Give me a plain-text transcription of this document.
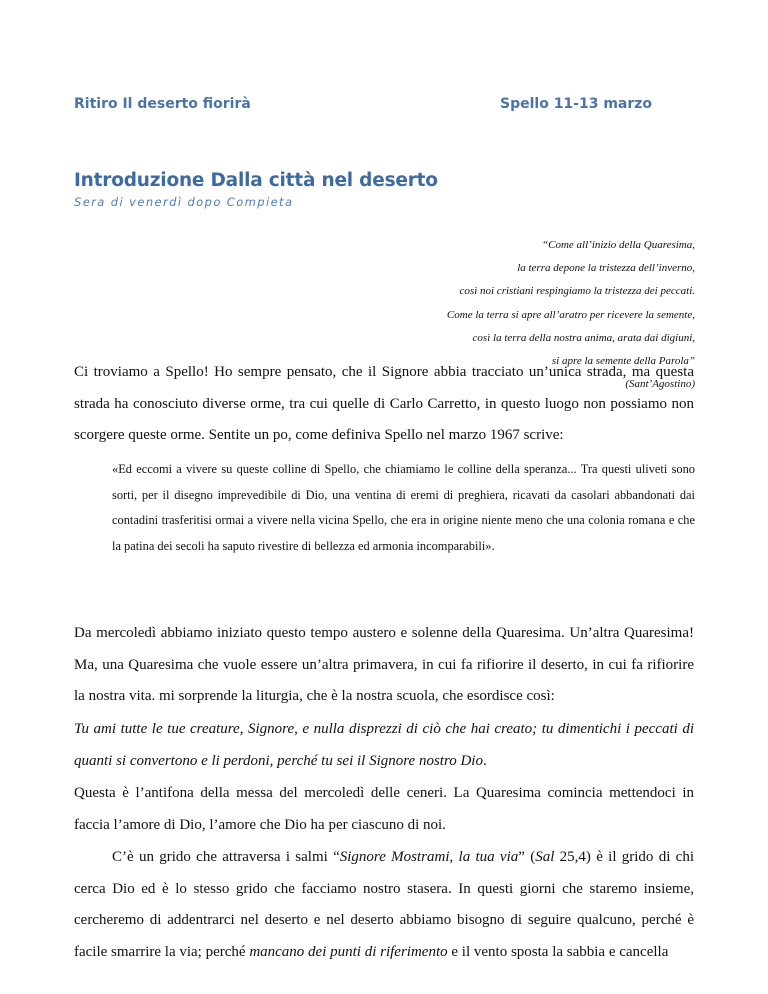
Ritiro Il deserto fiorirà	Spello 11-13 marzo
Introduzione Dalla città nel deserto
Sera di venerdì dopo Compieta
“Come all’inizio della Quaresima,
la terra depone la tristezza dell’inverno,
così noi cristiani respingiamo la tristezza dei peccati.
Come la terra si apre all’aratro per ricevere la semente,
così la terra della nostra anima, arata dai digiuni,
si apre la semente della Parola”
(Sant’Agostino)
Ci troviamo a Spello! Ho sempre pensato, che il Signore abbia tracciato un’unica strada, ma questa strada ha conosciuto diverse orme, tra cui quelle di Carlo Carretto, in questo luogo non possiamo non scorgere queste orme. Sentite un po, come definiva Spello nel marzo 1967 scrive:
«Ed eccomi a vivere su queste colline di Spello, che chiamiamo le colline della speranza... Tra questi uliveti sono sorti, per il disegno imprevedibile di Dio, una ventina di eremi di preghiera, ricavati da casolari abbandonati dai contadini trasferitisi ormai a vivere nella vicina Spello, che era in origine niente meno che una colonia romana e che la patina dei secoli ha saputo rivestire di bellezza ed armonia incomparabili».
Da mercoledì abbiamo iniziato questo tempo austero e solenne della Quaresima. Un’altra Quaresima! Ma, una Quaresima che vuole essere un’altra primavera, in cui fa rifiorire il deserto, in cui fa rifiorire la nostra vita. mi sorprende la liturgia, che è la nostra scuola, che esordisce così:
Tu ami tutte le tue creature, Signore, e nulla disprezzi di ciò che hai creato; tu dimentichi i peccati di quanti si convertono e li perdoni, perché tu sei il Signore nostro Dio.
Questa è l’antifona della messa del mercoledì delle ceneri. La Quaresima comincia mettendoci in faccia l’amore di Dio, l’amore che Dio ha per ciascuno di noi.
C’è un grido che attraversa i salmi “Signore Mostrami, la tua via” (Sal 25,4) è il grido di chi cerca Dio ed è lo stesso grido che facciamo nostro stasera. In questi giorni che staremo insieme, cercheremo di addentrarci nel deserto e nel deserto abbiamo bisogno di seguire qualcuno, perché è facile smarrire la via; perché mancano dei punti di riferimento e il vento sposta la sabbia e cancella
